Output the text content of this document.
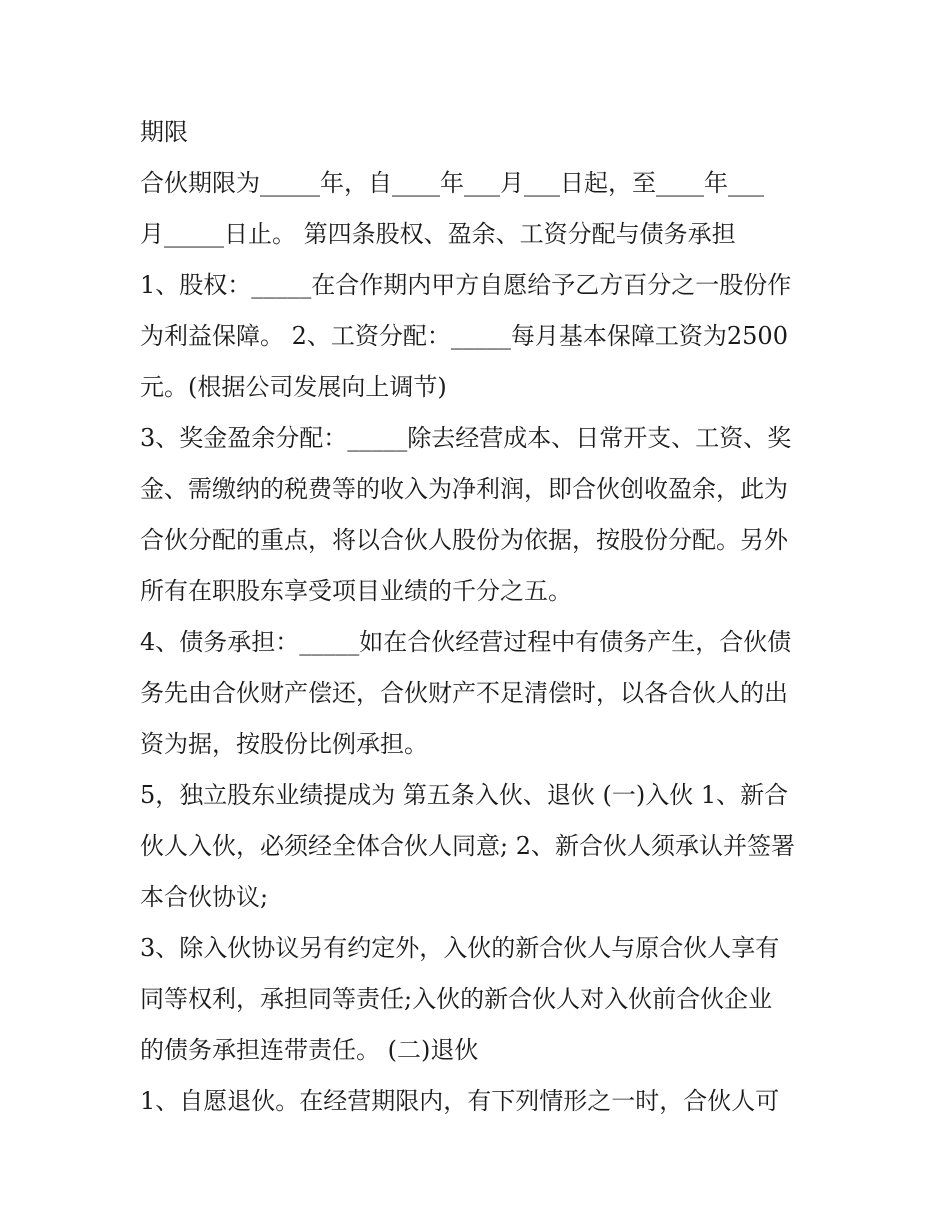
期限
合伙期限为_____年，自____年___月___日起，至____年___
月_____日止。 第四条股权、盈余、工资分配与债务承担
1、股权：_____在合作期内甲方自愿给予乙方百分之一股份作
为利益保障。 2、工资分配：_____每月基本保障工资为2500
元。(根据公司发展向上调节)
3、奖金盈余分配：_____除去经营成本、日常开支、工资、奖
金、需缴纳的税费等的收入为净利润，即合伙创收盈余，此为
合伙分配的重点，将以合伙人股份为依据，按股份分配。另外
所有在职股东享受项目业绩的千分之五。
4、债务承担：_____如在合伙经营过程中有债务产生，合伙债
务先由合伙财产偿还，合伙财产不足清偿时，以各合伙人的出
资为据，按股份比例承担。
5，独立股东业绩提成为 第五条入伙、退伙 (一)入伙 1、新合
伙人入伙，必须经全体合伙人同意; 2、新合伙人须承认并签署
本合伙协议;
3、除入伙协议另有约定外，入伙的新合伙人与原合伙人享有
同等权利，承担同等责任;入伙的新合伙人对入伙前合伙企业
的债务承担连带责任。 (二)退伙
1、自愿退伙。在经营期限内，有下列情形之一时，合伙人可
